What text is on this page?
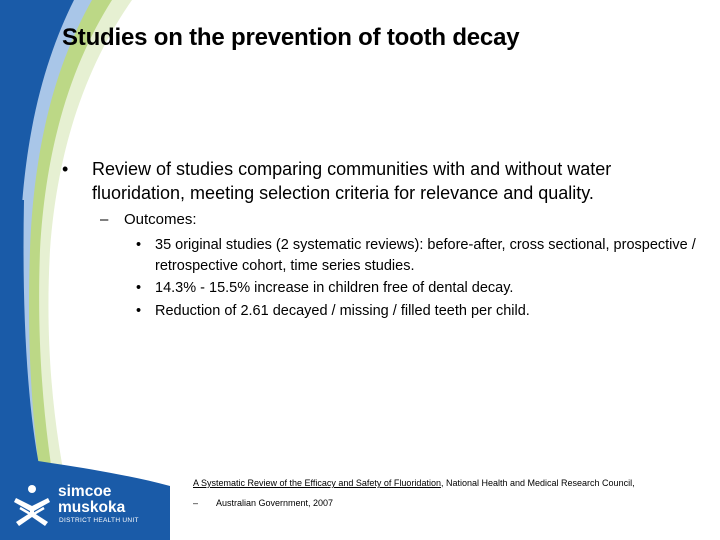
Studies on the prevention of tooth decay
• Review of studies comparing communities with and without water fluoridation, meeting selection criteria for relevance and quality.
– Outcomes:
• 35 original studies (2 systematic reviews): before-after, cross sectional, prospective / retrospective cohort, time series studies.
• 14.3% - 15.5% increase in children free of dental decay.
• Reduction of 2.61 decayed / missing / filled teeth per child.
A Systematic Review of the Efficacy and Safety of Fluoridation, National Health and Medical Research Council,
– Australian Government, 2007
simcoe
muskoka
DISTRICT HEALTH UNIT
